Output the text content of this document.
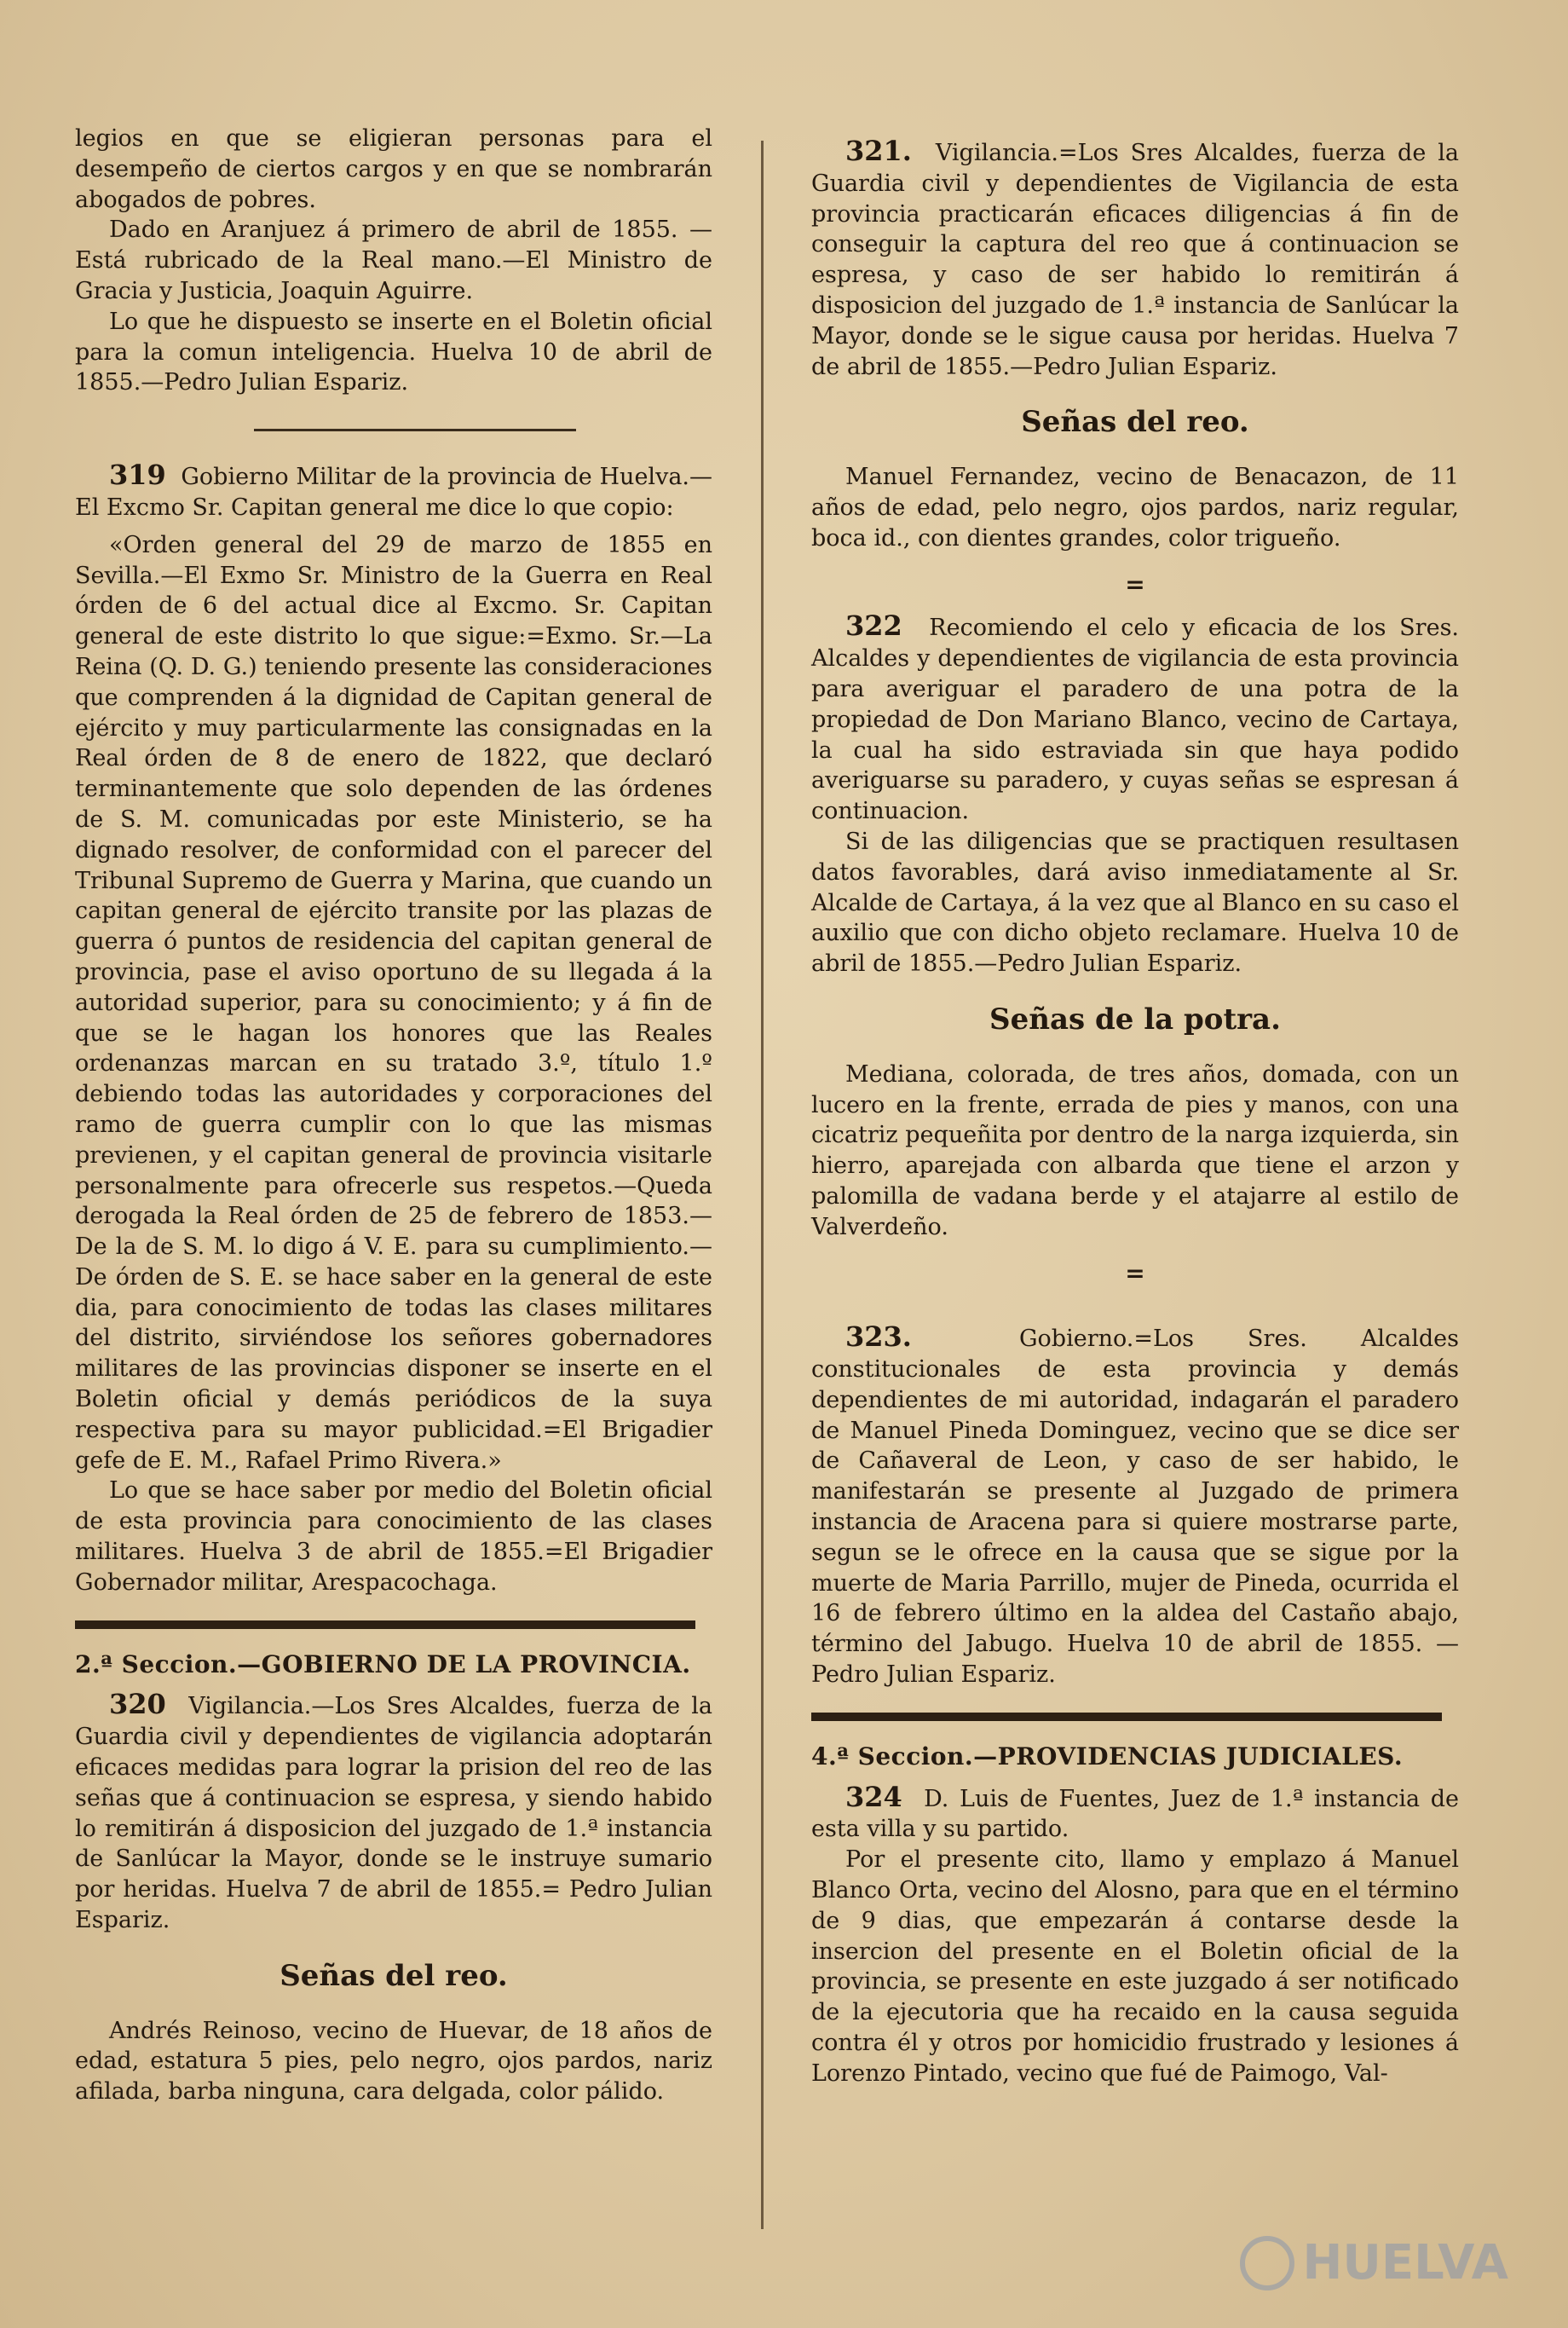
legios en que se eligieran personas para el desempeño de ciertos cargos y en que se nombrarán abogados de pobres.

Dado en Aranjuez á primero de abril de 1855. —Está rubricado de la Real mano.—El Ministro de Gracia y Justicia, Joaquin Aguirre.

Lo que he dispuesto se inserte en el Boletin oficial para la comun inteligencia. Huelva 10 de abril de 1855.—Pedro Julian Espariz.

319 Gobierno Militar de la provincia de Huelva.—El Excmo Sr. Capitan general me dice lo que copio:

«Orden general del 29 de marzo de 1855 en Sevilla.—El Exmo Sr. Ministro de la Guerra en Real órden de 6 del actual dice al Excmo. Sr. Capitan general de este distrito lo que sigue:=Exmo. Sr.—La Reina (Q. D. G.) teniendo presente las consideraciones que comprenden á la dignidad de Capitan general de ejército y muy particularmente las consignadas en la Real órden de 8 de enero de 1822, que declaró terminantemente que solo dependen de las órdenes de S. M. comunicadas por este Ministerio, se ha dignado resolver, de conformidad con el parecer del Tribunal Supremo de Guerra y Marina, que cuando un capitan general de ejército transite por las plazas de guerra ó puntos de residencia del capitan general de provincia, pase el aviso oportuno de su llegada á la autoridad superior, para su conocimiento; y á fin de que se le hagan los honores que las Reales ordenanzas marcan en su tratado 3.º, título 1.º debiendo todas las autoridades y corporaciones del ramo de guerra cumplir con lo que las mismas previenen, y el capitan general de provincia visitarle personalmente para ofrecerle sus respetos.—Queda derogada la Real órden de 25 de febrero de 1853.—De la de S. M. lo digo á V. E. para su cumplimiento.—De órden de S. E. se hace saber en la general de este dia, para conocimiento de todas las clases militares del distrito, sirviéndose los señores gobernadores militares de las provincias disponer se inserte en el Boletin oficial y demás periódicos de la suya respectiva para su mayor publicidad.=El Brigadier gefe de E. M., Rafael Primo Rivera.»

Lo que se hace saber por medio del Boletin oficial de esta provincia para conocimiento de las clases militares. Huelva 3 de abril de 1855.=El Brigadier Gobernador militar, Arespacochaga.

2.ª Seccion.—GOBIERNO DE LA PROVINCIA.

320 Vigilancia.—Los Sres Alcaldes, fuerza de la Guardia civil y dependientes de vigilancia adoptarán eficaces medidas para lograr la prision del reo de las señas que á continuacion se espresa, y siendo habido lo remitirán á disposicion del juzgado de 1.ª instancia de Sanlúcar la Mayor, donde se le instruye sumario por heridas. Huelva 7 de abril de 1855.= Pedro Julian Espariz.

Señas del reo.

Andrés Reinoso, vecino de Huevar, de 18 años de edad, estatura 5 pies, pelo negro, ojos pardos, nariz afilada, barba ninguna, cara delgada, color pálido.

321. Vigilancia.=Los Sres Alcaldes, fuerza de la Guardia civil y dependientes de Vigilancia de esta provincia practicarán eficaces diligencias á fin de conseguir la captura del reo que á continuacion se espresa, y caso de ser habido lo remitirán á disposicion del juzgado de 1.ª instancia de Sanlúcar la Mayor, donde se le sigue causa por heridas. Huelva 7 de abril de 1855.—Pedro Julian Espariz.

Señas del reo.

Manuel Fernandez, vecino de Benacazon, de 11 años de edad, pelo negro, ojos pardos, nariz regular, boca id., con dientes grandes, color trigueño.

=

322 Recomiendo el celo y eficacia de los Sres. Alcaldes y dependientes de vigilancia de esta provincia para averiguar el paradero de una potra de la propiedad de Don Mariano Blanco, vecino de Cartaya, la cual ha sido estraviada sin que haya podido averiguarse su paradero, y cuyas señas se espresan á continuacion.

Si de las diligencias que se practiquen resultasen datos favorables, dará aviso inmediatamente al Sr. Alcalde de Cartaya, á la vez que al Blanco en su caso el auxilio que con dicho objeto reclamare. Huelva 10 de abril de 1855.—Pedro Julian Espariz.

Señas de la potra.

Mediana, colorada, de tres años, domada, con un lucero en la frente, errada de pies y manos, con una cicatriz pequeñita por dentro de la narga izquierda, sin hierro, aparejada con albarda que tiene el arzon y palomilla de vadana berde y el atajarre al estilo de Valverdeño.

=

323.	Gobierno.=Los Sres. Alcaldes constitucionales de esta provincia y demás dependientes de mi autoridad, indagarán el paradero de Manuel Pineda Dominguez, vecino que se dice ser de Cañaveral de Leon, y caso de ser habido, le manifestarán se presente al Juzgado de primera instancia de Aracena para si quiere mostrarse parte, segun se le ofrece en la causa que se sigue por la muerte de Maria Parrillo, mujer de Pineda, ocurrida el 16 de febrero último en la aldea del Castaño abajo, término del Jabugo. Huelva 10 de abril de 1855. —Pedro Julian Espariz.

4.ª Seccion.—PROVIDENCIAS JUDICIALES.

324 D. Luis de Fuentes, Juez de 1.ª instancia de esta villa y su partido.

Por el presente cito, llamo y emplazo á Manuel Blanco Orta, vecino del Alosno, para que en el término de 9 dias, que empezarán á contarse desde la insercion del presente en el Boletin oficial de la provincia, se presente en este juzgado á ser notificado de la ejecutoria que ha recaido en la causa seguida contra él y otros por homicidio frustrado y lesiones á Lorenzo Pintado, vecino que fué de Paimogo, Val-

HUELVA
